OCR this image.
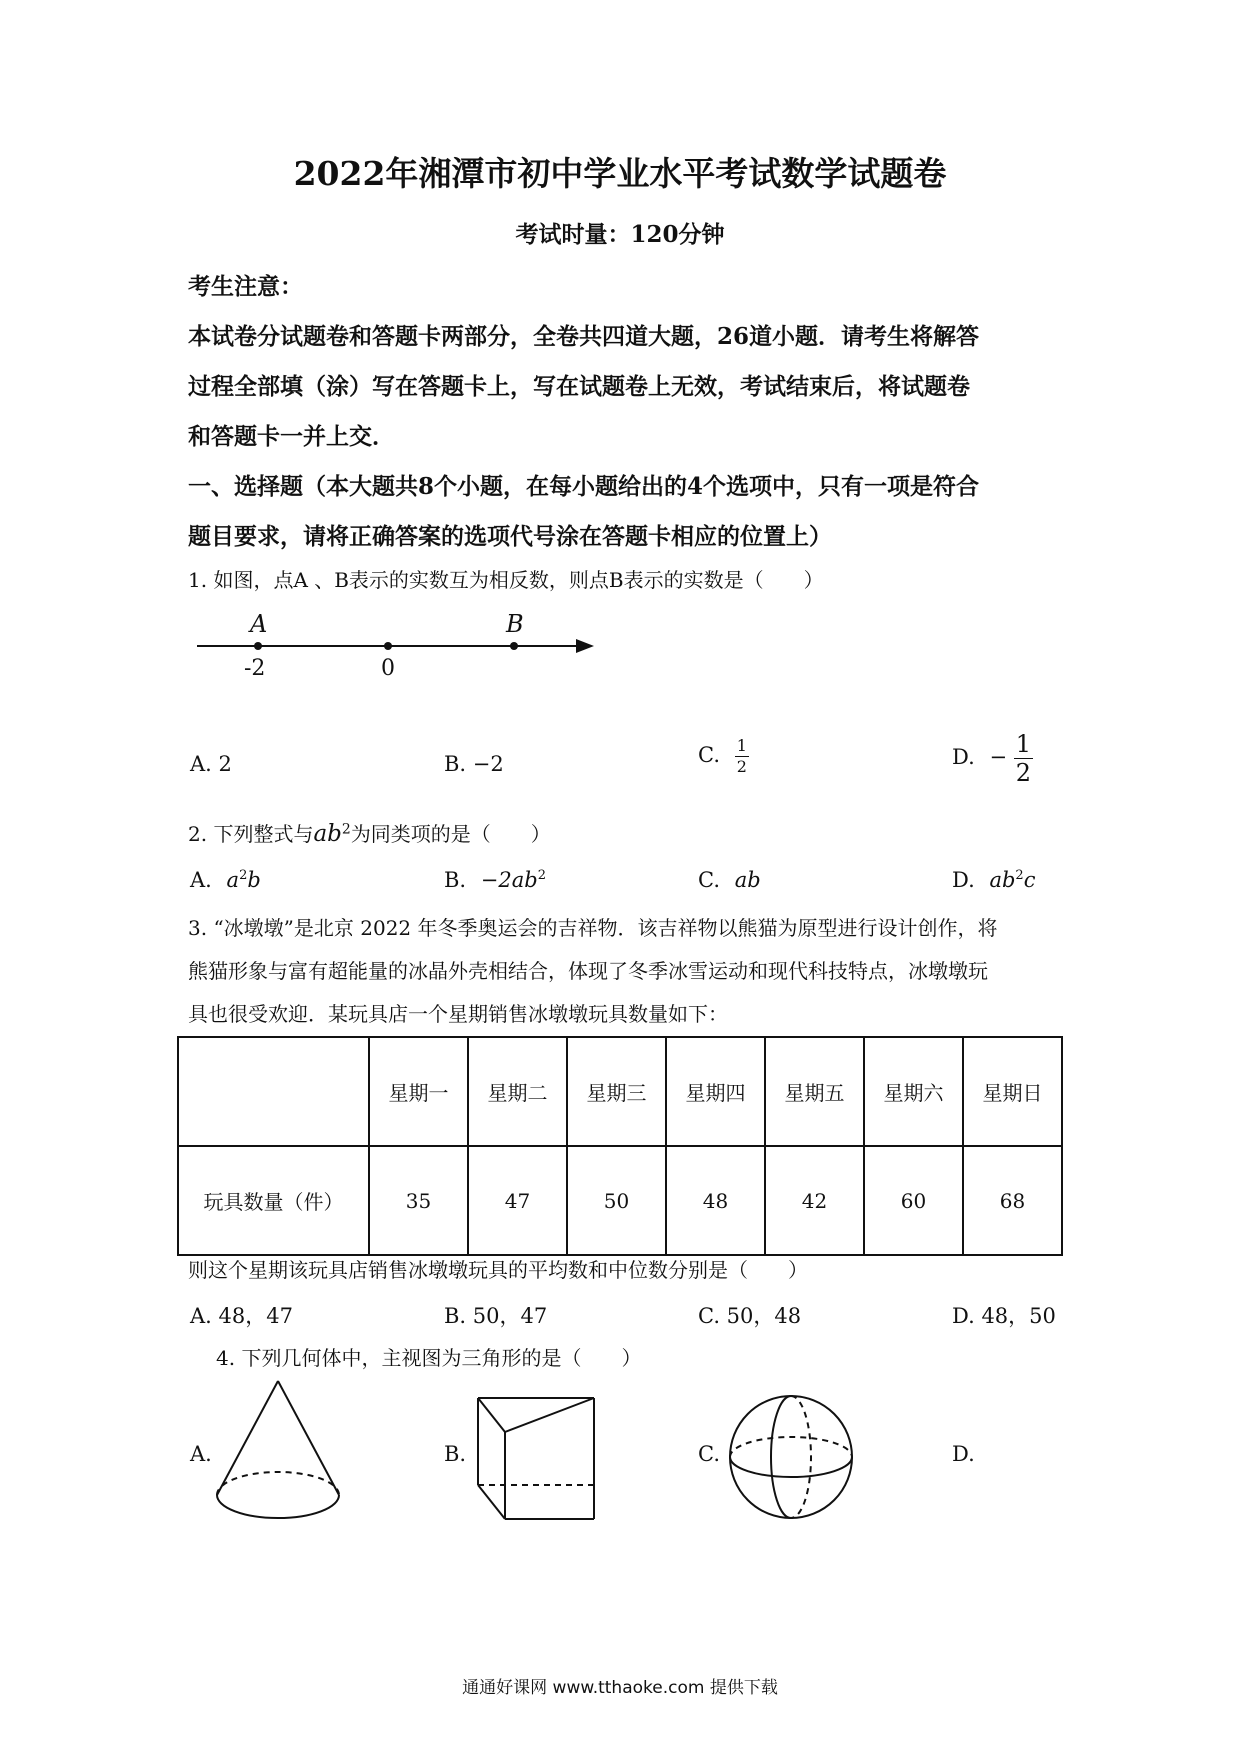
2022年湘潭市初中学业水平考试数学试题卷
考试时量：120分钟
考生注意：
本试卷分试题卷和答题卡两部分，全卷共四道大题，26道小题．请考生将解答
过程全部填（涂）写在答题卡上，写在试题卷上无效，考试结束后，将试题卷
和答题卡一并上交．
一、选择题（本大题共8个小题，在每小题给出的4个选项中，只有一项是符合
题目要求，请将正确答案的选项代号涂在答题卡相应的位置上）
1. 如图，点A 、B表示的实数互为相反数，则点B表示的实数是（　　）
A	B
-2	0
A. 2	B. −2	C. $\frac{1}{2}$	D. − $\frac{1}{2}$
2. 下列整式与$ab^2$为同类项的是（　　）
A. $a^2b$	B. $-2ab^2$	C. ab	D. $ab^2c$
3. “冰墩墩”是北京 2022 年冬季奥运会的吉祥物．该吉祥物以熊猫为原型进行设计创作，将
熊猫形象与富有超能量的冰晶外壳相结合，体现了冬季冰雪运动和现代科技特点，冰墩墩玩
具也很受欢迎．某玩具店一个星期销售冰墩墩玩具数量如下：
	星期一	星期二	星期三	星期四	星期五	星期六	星期日
玩具数量（件）	35	47	50	48	42	60	68
则这个星期该玩具店销售冰墩墩玩具的平均数和中位数分别是（　　）
A. 48，47	B. 50，47	C. 50，48	D. 48，50
4. 下列几何体中，主视图为三角形的是（　　）
A.	B.	C.	D.
通通好课网 www.tthaoke.com 提供下载
